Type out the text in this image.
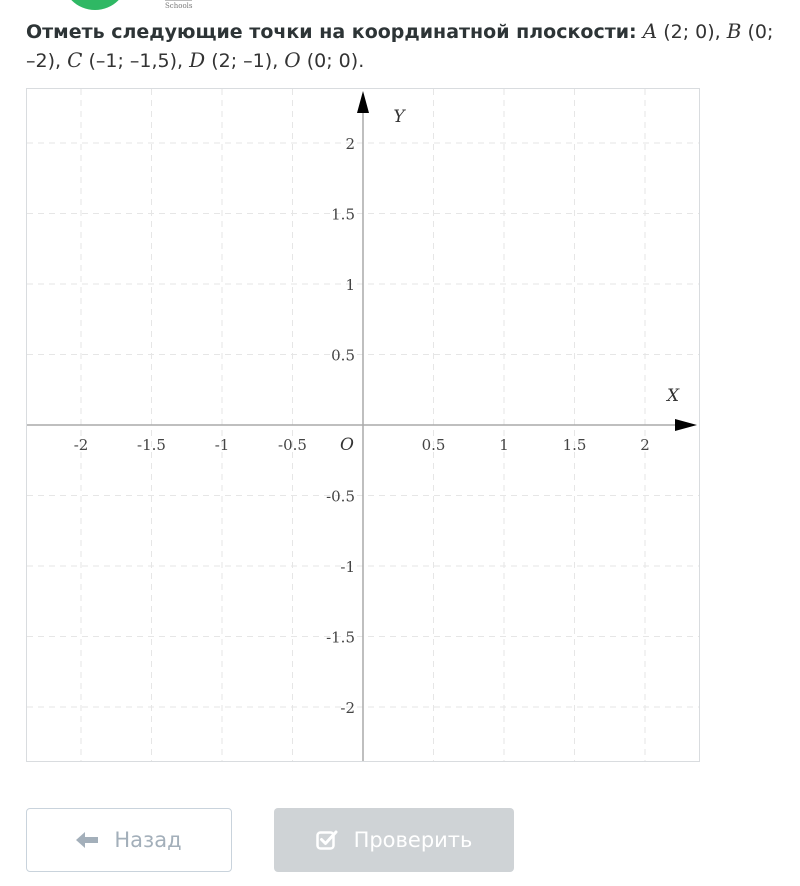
Schools
Отметь следующие точки на координатной плоскости: A (2; 0), B (0; –2), C (–1; –1,5), D (2; –1), O (0; 0).
X
Y
O
-2	-1.5	-1	-0.5	0.5	1	1.5	2
2
1.5
1
0.5
-0.5
-1
-1.5
-2
Назад	Проверить
